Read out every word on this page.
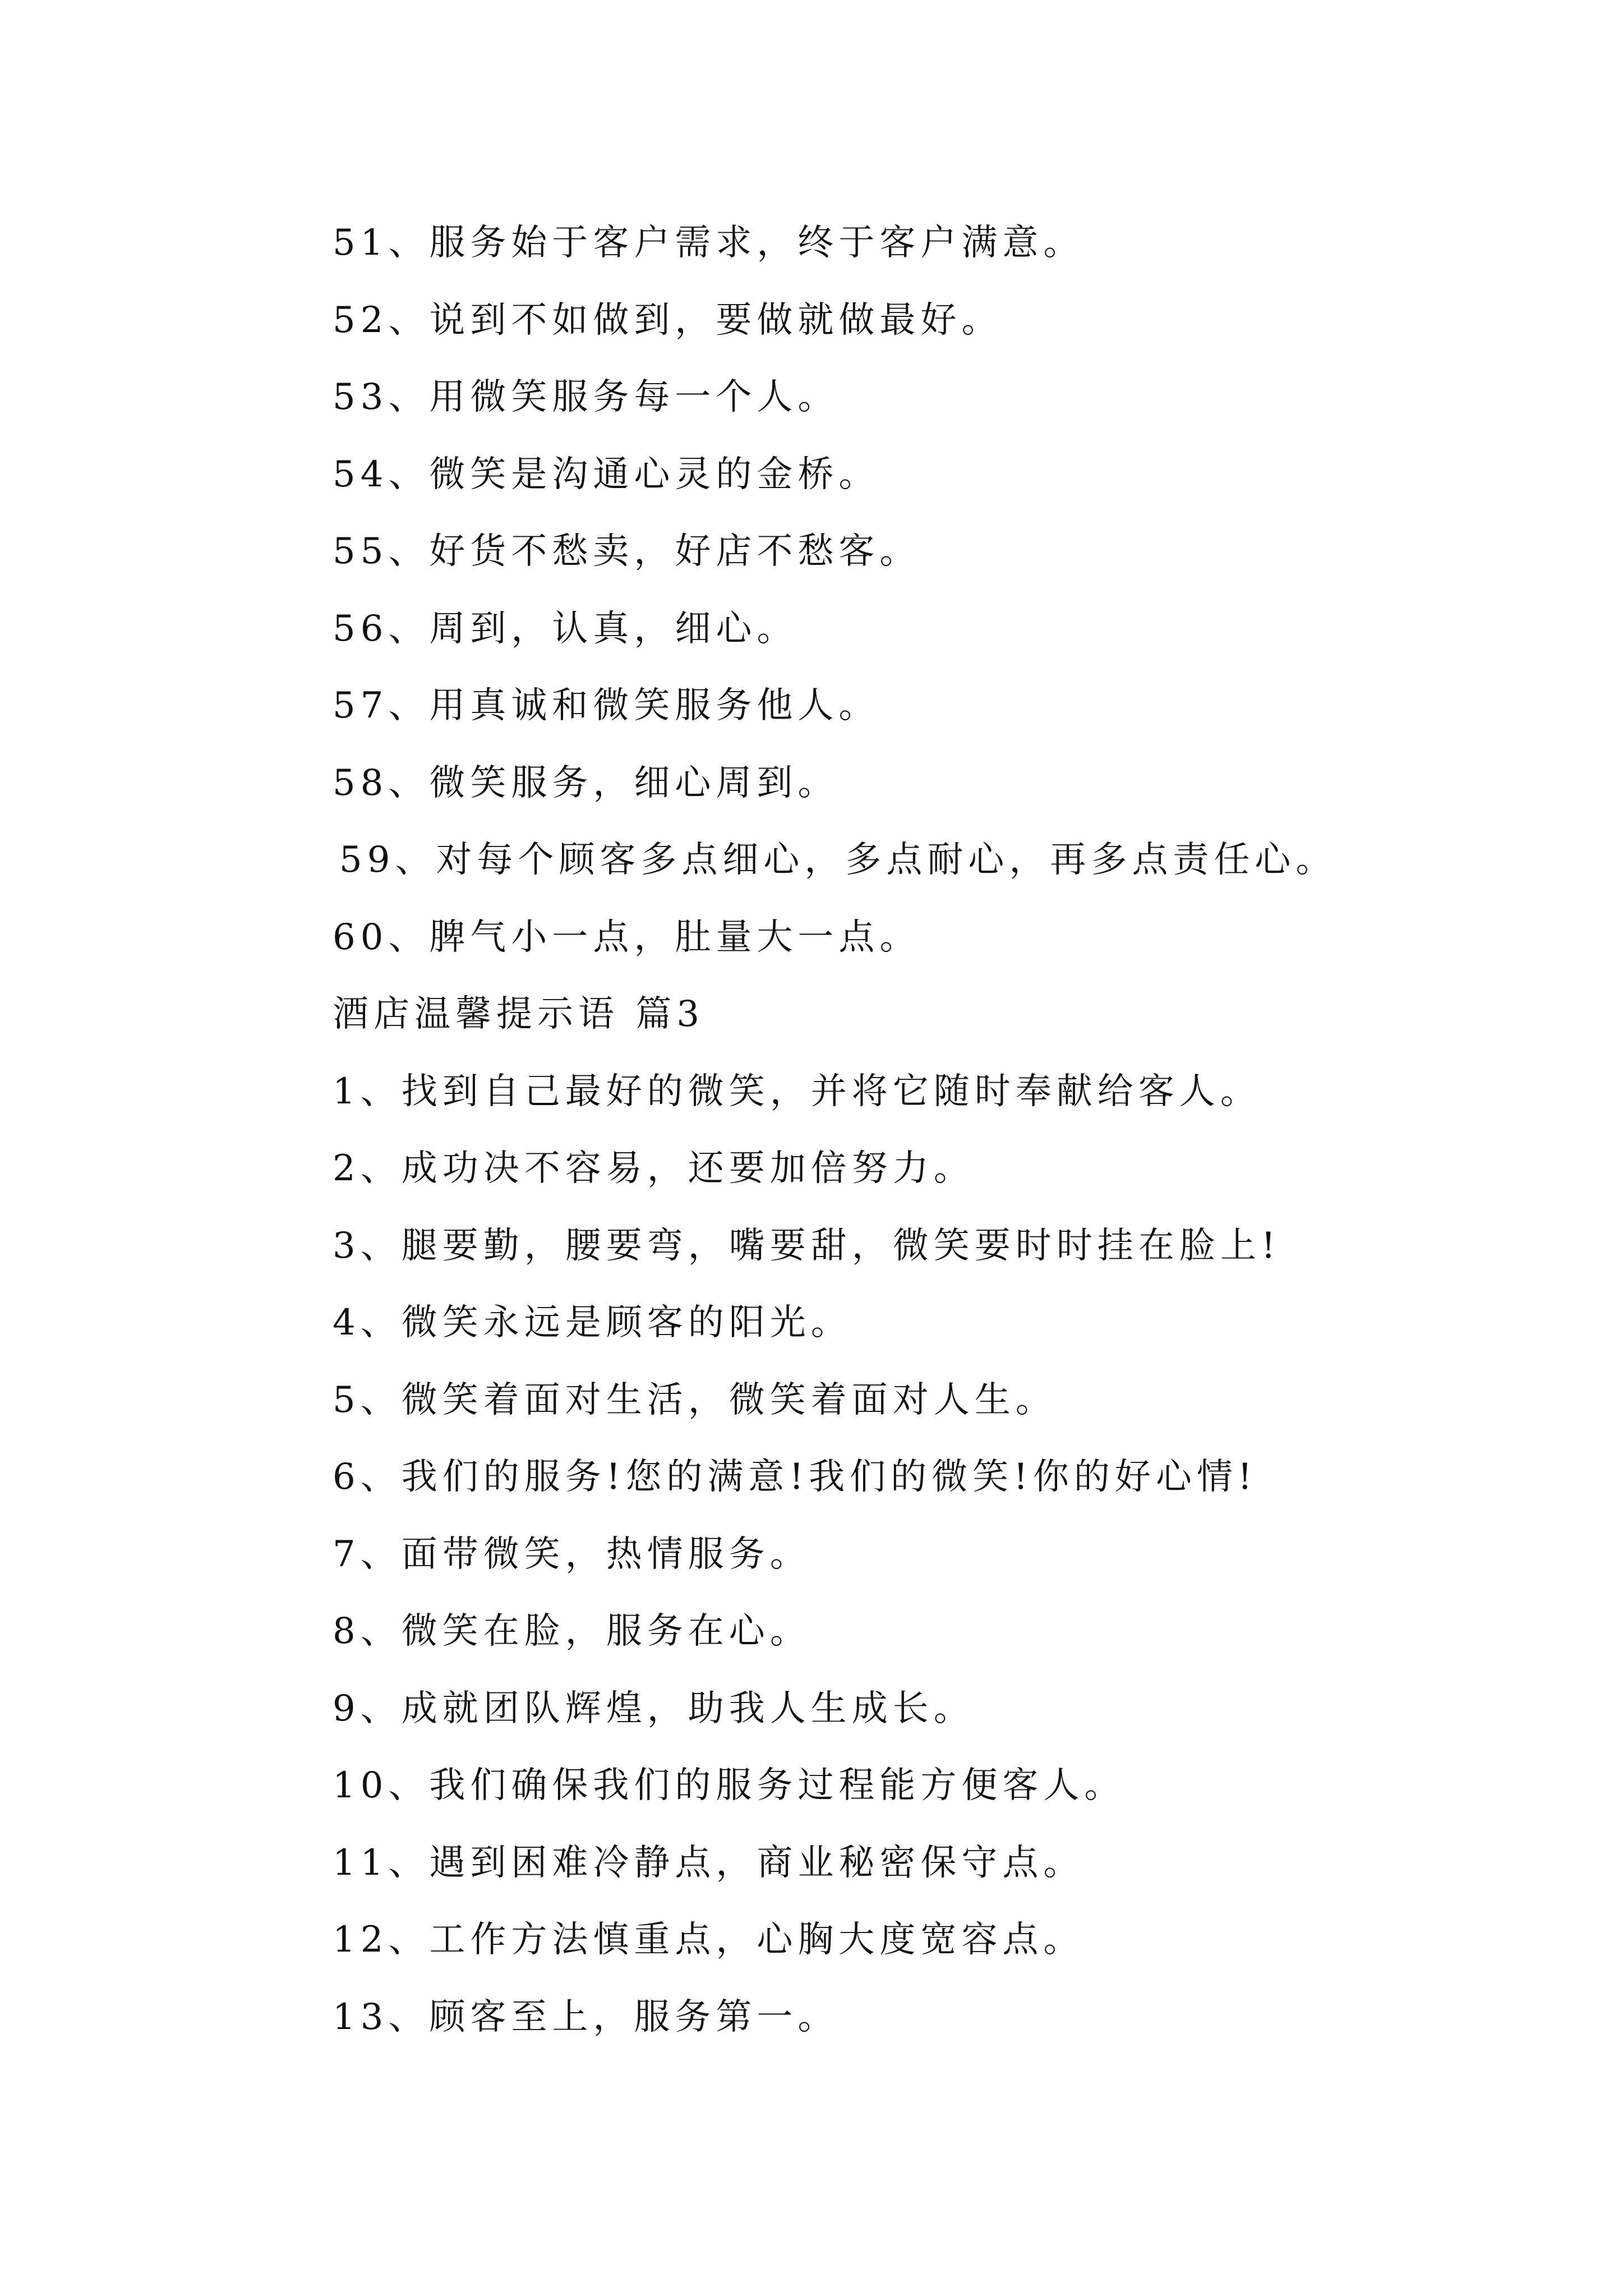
51、服务始于客户需求，终于客户满意。
52、说到不如做到，要做就做最好。
53、用微笑服务每一个人。
54、微笑是沟通心灵的金桥。
55、好货不愁卖，好店不愁客。
56、周到，认真，细心。
57、用真诚和微笑服务他人。
58、微笑服务，细心周到。
59、对每个顾客多点细心，多点耐心，再多点责任心。
60、脾气小一点，肚量大一点。
酒店温馨提示语 篇3
1、找到自己最好的微笑，并将它随时奉献给客人。
2、成功决不容易，还要加倍努力。
3、腿要勤，腰要弯，嘴要甜，微笑要时时挂在脸上!
4、微笑永远是顾客的阳光。
5、微笑着面对生活，微笑着面对人生。
6、我们的服务!您的满意!我们的微笑!你的好心情!
7、面带微笑，热情服务。
8、微笑在脸，服务在心。
9、成就团队辉煌，助我人生成长。
10、我们确保我们的服务过程能方便客人。
11、遇到困难冷静点，商业秘密保守点。
12、工作方法慎重点，心胸大度宽容点。
13、顾客至上，服务第一。
